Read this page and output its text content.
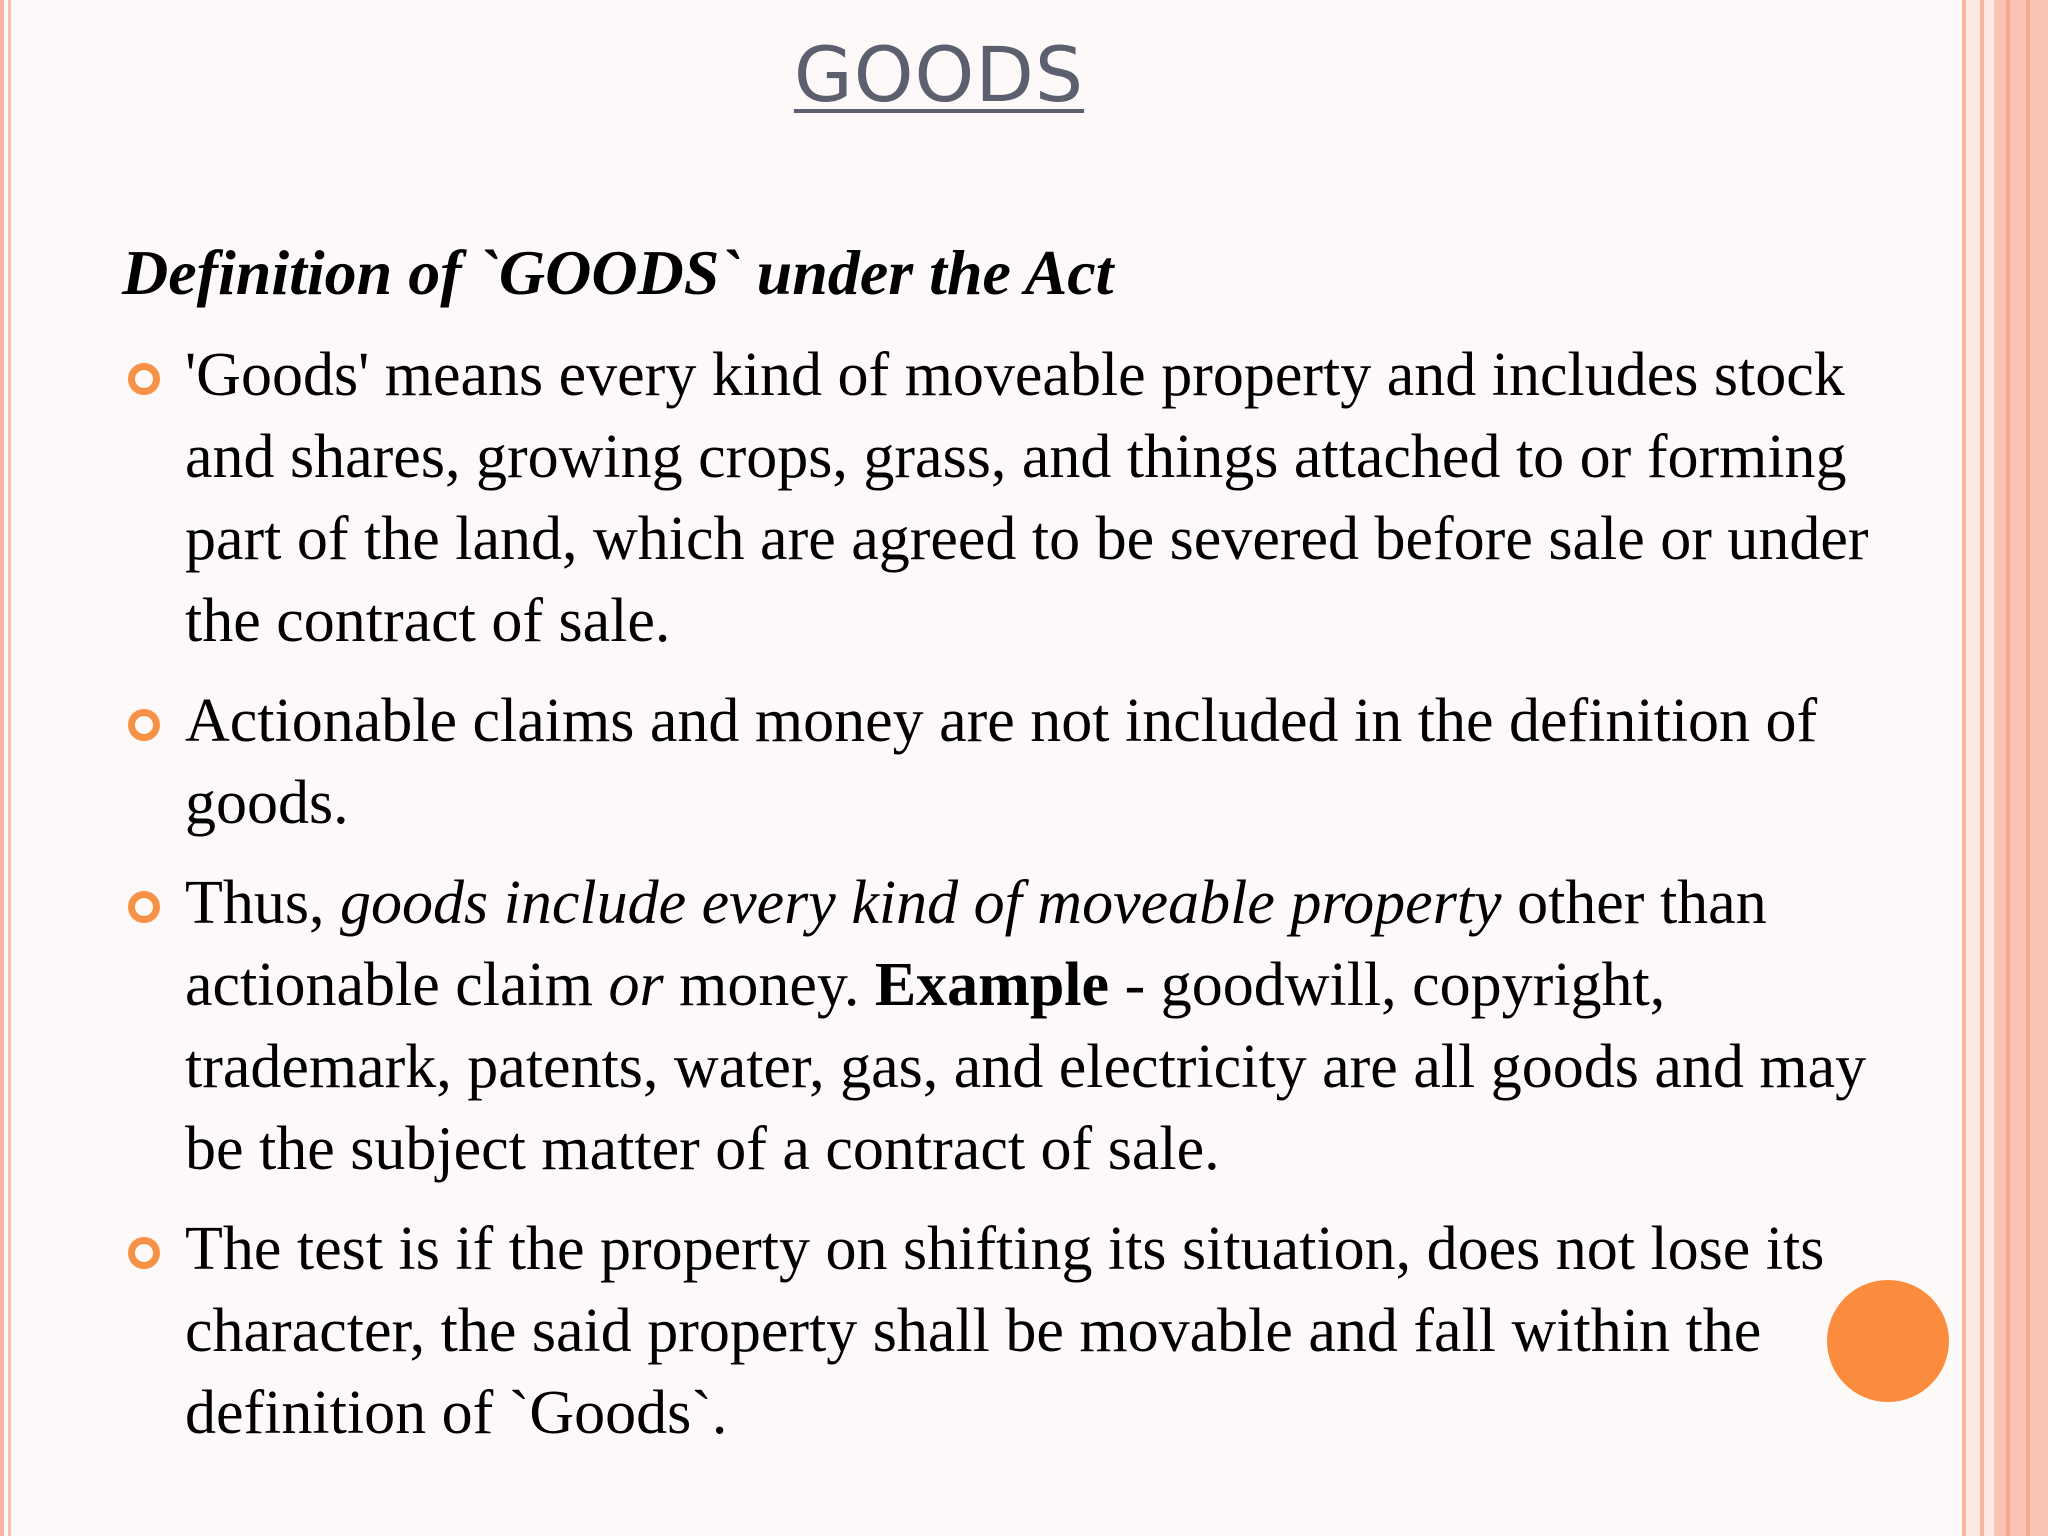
GOODS
Definition of `GOODS` under the Act
'Goods' means every kind of moveable property and includes stock and shares, growing crops, grass, and things attached to or forming part of the land, which are agreed to be severed before sale or under the contract of sale.
Actionable claims and money are not included in the definition of goods.
Thus, goods include every kind of moveable property other than actionable claim or money. Example - goodwill, copyright, trademark, patents, water, gas, and electricity are all goods and may be the subject matter of a contract of sale.
The test is if the property on shifting its situation, does not lose its character, the said property shall be movable and fall within the definition of `Goods`.
